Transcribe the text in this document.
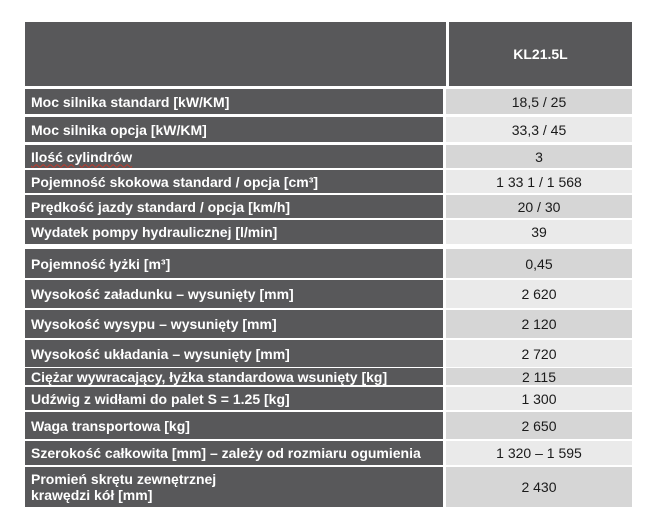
KL21.5L
Moc silnika standard [kW/KM]	18,5 / 25
Moc silnika opcja [kW/KM]	33,3 / 45
Ilość cylindrów	3
Pojemność skokowa standard / opcja [cm³]	1 33 1 / 1 568
Prędkość jazdy standard / opcja [km/h]	20 / 30
Wydatek pompy hydraulicznej [l/min]	39
Pojemność łyżki [m³]	0,45
Wysokość załadunku – wysunięty [mm]	2 620
Wysokość wysypu – wysunięty [mm]	2 120
Wysokość układania – wysunięty [mm]	2 720
Ciężar wywracający, łyżka standardowa wsunięty [kg]	2 115
Udźwig z widłami do palet S = 1.25 [kg]	1 300
Waga transportowa [kg]	2 650
Szerokość całkowita [mm] – zależy od rozmiaru ogumienia	1 320 – 1 595
Promień skrętu zewnętrznej krawędzi kół [mm]	2 430
